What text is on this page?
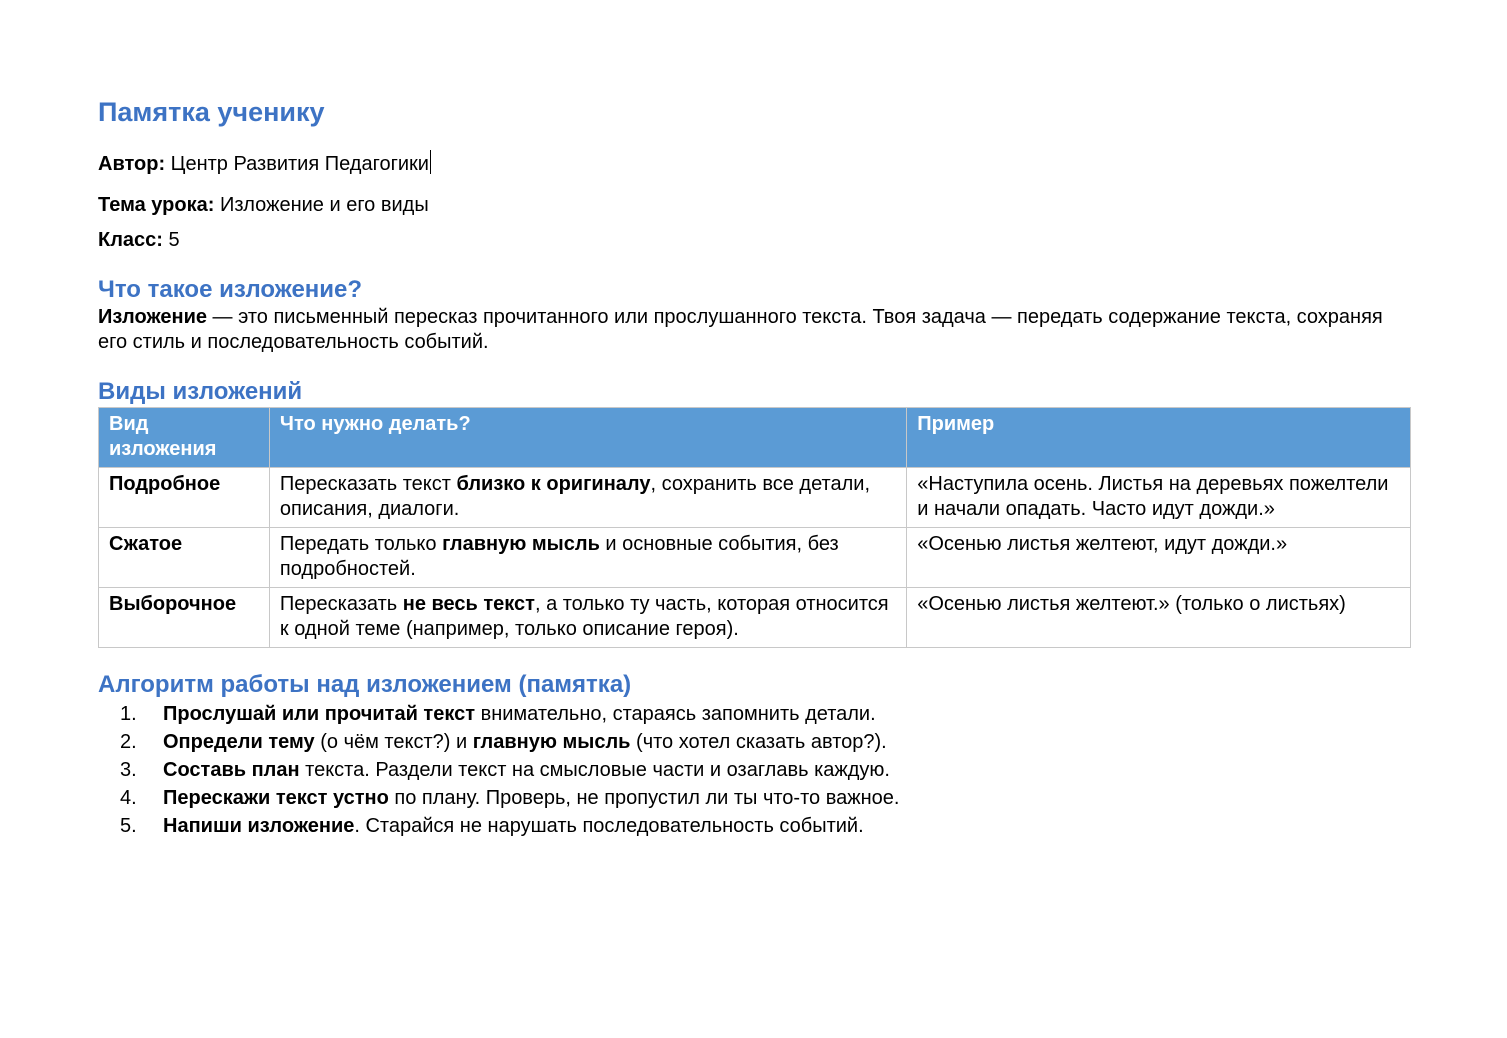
Памятка ученику

Автор: Центр Развития Педагогики

Тема урока: Изложение и его виды

Класс: 5

Что такое изложение?

Изложение — это письменный пересказ прочитанного или прослушанного текста. Твоя задача — передать содержание текста, сохраняя его стиль и последовательность событий.

Виды изложений
Вид изложения	Что нужно делать?	Пример
Подробное	Пересказать текст близко к оригиналу, сохранить все детали, описания, диалоги.	«Наступила осень. Листья на деревьях пожелтели и начали опадать. Часто идут дожди.»
Сжатое	Передать только главную мысль и основные события, без подробностей.	«Осенью листья желтеют, идут дожди.»
Выборочное	Пересказать не весь текст, а только ту часть, которая относится к одной теме (например, только описание героя).	«Осенью листья желтеют.» (только о листьях)
Алгоритм работы над изложением (памятка)
1.	Прослушай или прочитай текст внимательно, стараясь запомнить детали.
2.	Определи тему (о чём текст?) и главную мысль (что хотел сказать автор?).
3.	Составь план текста. Раздели текст на смысловые части и озаглавь каждую.
4.	Перескажи текст устно по плану. Проверь, не пропустил ли ты что-то важное.
5.	Напиши изложение. Старайся не нарушать последовательность событий.
